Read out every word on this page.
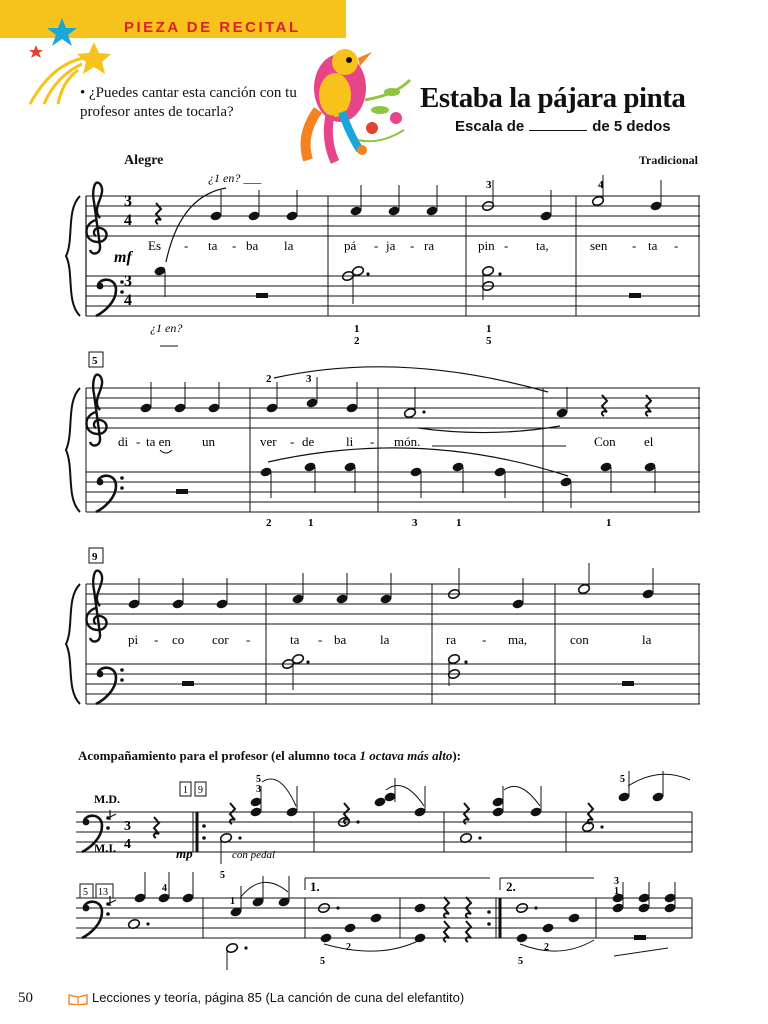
PIEZA DE RECITAL
• ¿Puedes cantar esta canción con tu profesor antes de tocarla?	Estaba la pájara pinta
Escala de	de 5 dedos
Alegre	Tradicional
3
4
3
4
¿1 en? ___
¿1 en?
mf
3	4
1
2
1
5
Es - ta - ba la	pá - ja - ra	pin - ta,	sen - ta -
5
2	3
2	1	3	1	1
di - ta en un	ver - de li - món.	Con el
9
pi - co cor -	ta - ba	la	ra - ma,	con	la
1 9
3
4
5
3
5
5
M.D.
M.I.	mp	con pedal
5 13	1.	2.
4
1
2
5
2
5
3
1
Acompañamiento para el profesor (el alumno toca 1 octava más alto):
50	Lecciones y teoría, página 85 (La canción de cuna del elefantito)
